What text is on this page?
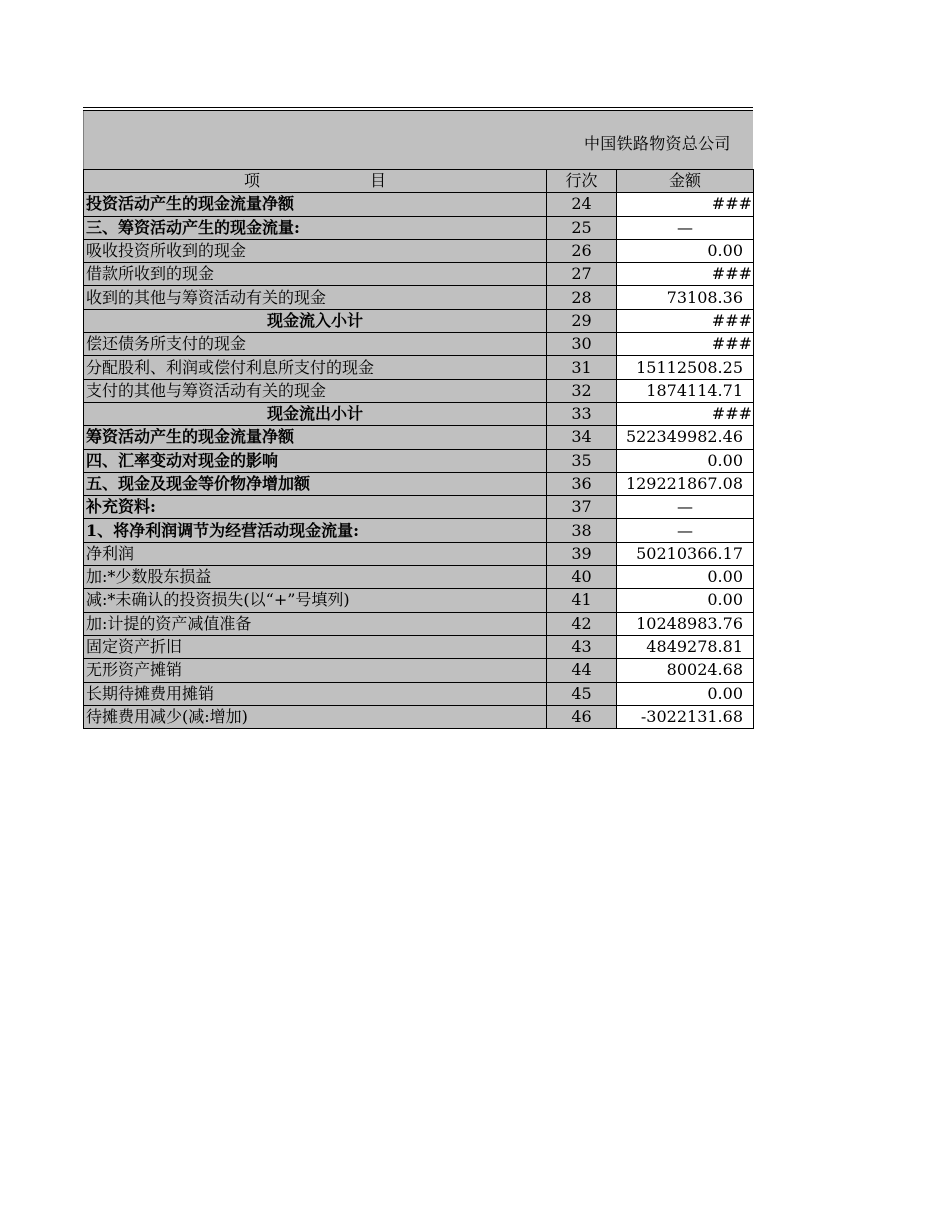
中国铁路物资总公司
项 目	行次	金额
投资活动产生的现金流量净额	24	###
三、筹资活动产生的现金流量:	25	—
吸收投资所收到的现金	26	0.00
借款所收到的现金	27	###
收到的其他与筹资活动有关的现金	28	73108.36
现金流入小计	29	###
偿还债务所支付的现金	30	###
分配股利、利润或偿付利息所支付的现金	31	15112508.25
支付的其他与筹资活动有关的现金	32	1874114.71
现金流出小计	33	###
筹资活动产生的现金流量净额	34	522349982.46
四、汇率变动对现金的影响	35	0.00
五、现金及现金等价物净增加额	36	129221867.08
补充资料:	37	—
1、将净利润调节为经营活动现金流量:	38	—
净利润	39	50210366.17
加:*少数股东损益	40	0.00
减:*未确认的投资损失(以“+”号填列)	41	0.00
加:计提的资产减值准备	42	10248983.76
固定资产折旧	43	4849278.81
无形资产摊销	44	80024.68
长期待摊费用摊销	45	0.00
待摊费用减少(减:增加)	46	-3022131.68
